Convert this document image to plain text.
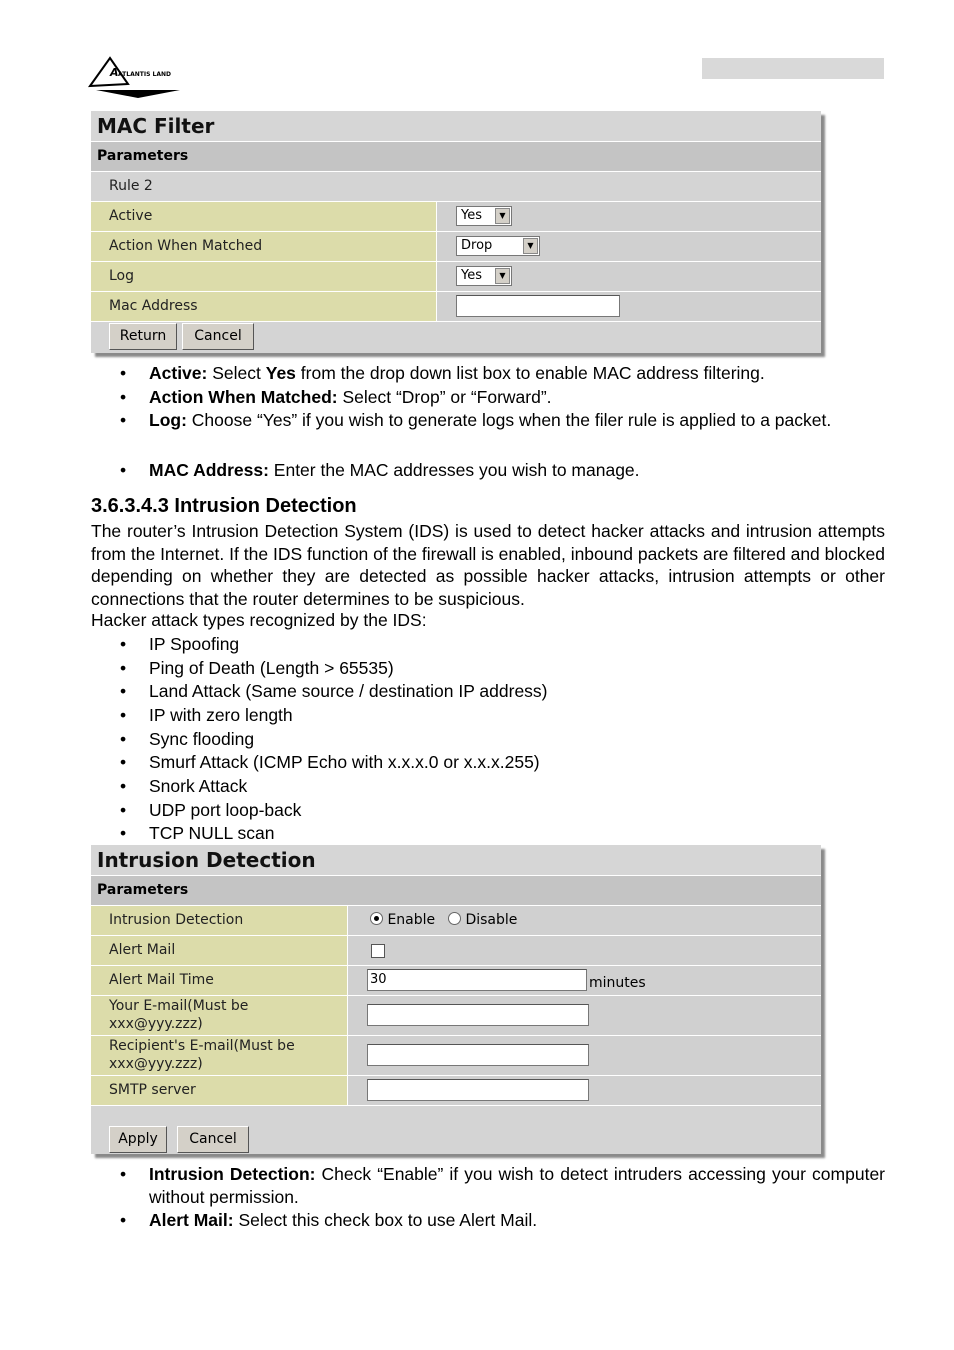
A ATLANTIS LAND
MAC Filter
Parameters
Rule 2
Active	Yes	▼
Action When Matched	Drop	▼
Log	Yes	▼
Mac Address
Return	Cancel
• Active: Select Yes from the drop down list box to enable MAC address filtering.
• Action When Matched: Select “Drop” or “Forward”.
• Log: Choose “Yes” if you wish to generate logs when the filer rule is applied to a packet.
• MAC Address: Enter the MAC addresses you wish to manage.
3.6.3.4.3 Intrusion Detection
The router’s Intrusion Detection System (IDS) is used to detect hacker attacks and intrusion attempts from the Internet. If the IDS function of the firewall is enabled, inbound packets are filtered and blocked depending on whether they are detected as possible hacker attacks, intrusion attempts or other connections that the router determines to be suspicious.
Hacker attack types recognized by the IDS:
• IP Spoofing
• Ping of Death (Length > 65535)
• Land Attack (Same source / destination IP address)
• IP with zero length
• Sync flooding
• Smurf Attack (ICMP Echo with x.x.x.0 or x.x.x.255)
• Snork Attack
• UDP port loop-back
• TCP NULL scan
Intrusion Detection
Parameters
Intrusion Detection	Enable	Disable
Alert Mail
Alert Mail Time	30	minutes
Your E-mail(Must be
xxx@yyy.zzz)
Recipient's E-mail(Must be
xxx@yyy.zzz)
SMTP server
Apply	Cancel
• Intrusion Detection: Check “Enable” if you wish to detect intruders accessing your computer without permission.
• Alert Mail: Select this check box to use Alert Mail.
